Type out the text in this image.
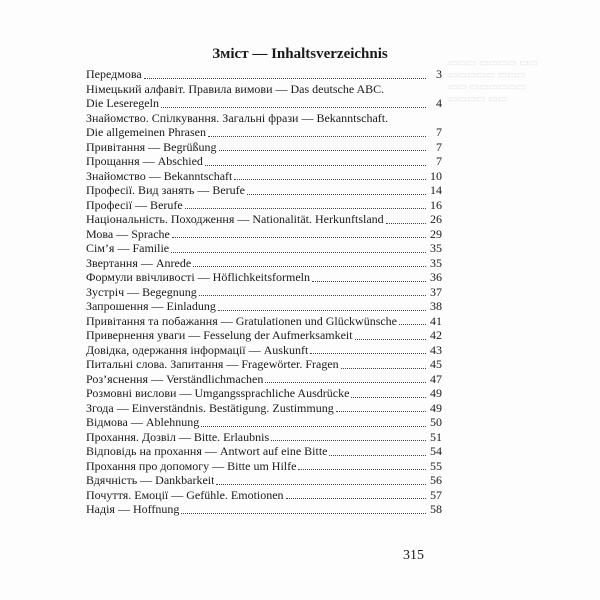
▭▭▭ ▭▭▭▭ ▭▭
▭▭▭▭▭ ▭▭▭
▭▭ ▭▭▭▭▭▭
▭▭▭▭ ▭▭
Зміст — Inhaltsverzeichnis
Передмова	3
Німецький алфавіт. Правила вимови — Das deutsche ABC.
Die Leseregeln	4
Знайомство. Спілкування. Загальні фрази — Bekanntschaft.
Die allgemeinen Phrasen	7
Привітання — Begrüßung	7
Прощання — Abschied	7
Знайомство — Bekanntschaft	10
Професії. Вид занять — Berufe	14
Професії — Berufe	16
Національність. Походження — Nationalität. Herkunftsland	26
Мова — Sprache	29
Сім’я — Familie	35
Звертання — Anrede	35
Формули ввічливості — Höflichkeitsformeln	36
Зустріч — Begegnung	37
Запрошення — Einladung	38
Привітання та побажання — Gratulationen und Glückwünsche	41
Привернення уваги — Fesselung der Aufmerksamkeit	42
Довідка, одержання інформації — Auskunft	43
Питальні слова. Запитання — Fragewörter. Fragen	45
Роз’яснення — Verständlichmachen	47
Розмовні вислови — Umgangssprachliche Ausdrücke	49
Згода — Einverständnis. Bestätigung. Zustimmung	49
Відмова — Ablehnung	50
Прохання. Дозвіл — Bitte. Erlaubnis	51
Відповідь на прохання — Antwort auf eine Bitte	54
Прохання про допомогу — Bitte um Hilfe	55
Вдячність — Dankbarkeit	56
Почуття. Емоції — Gefühle. Emotionen	57
Надія — Hoffnung	58
315
